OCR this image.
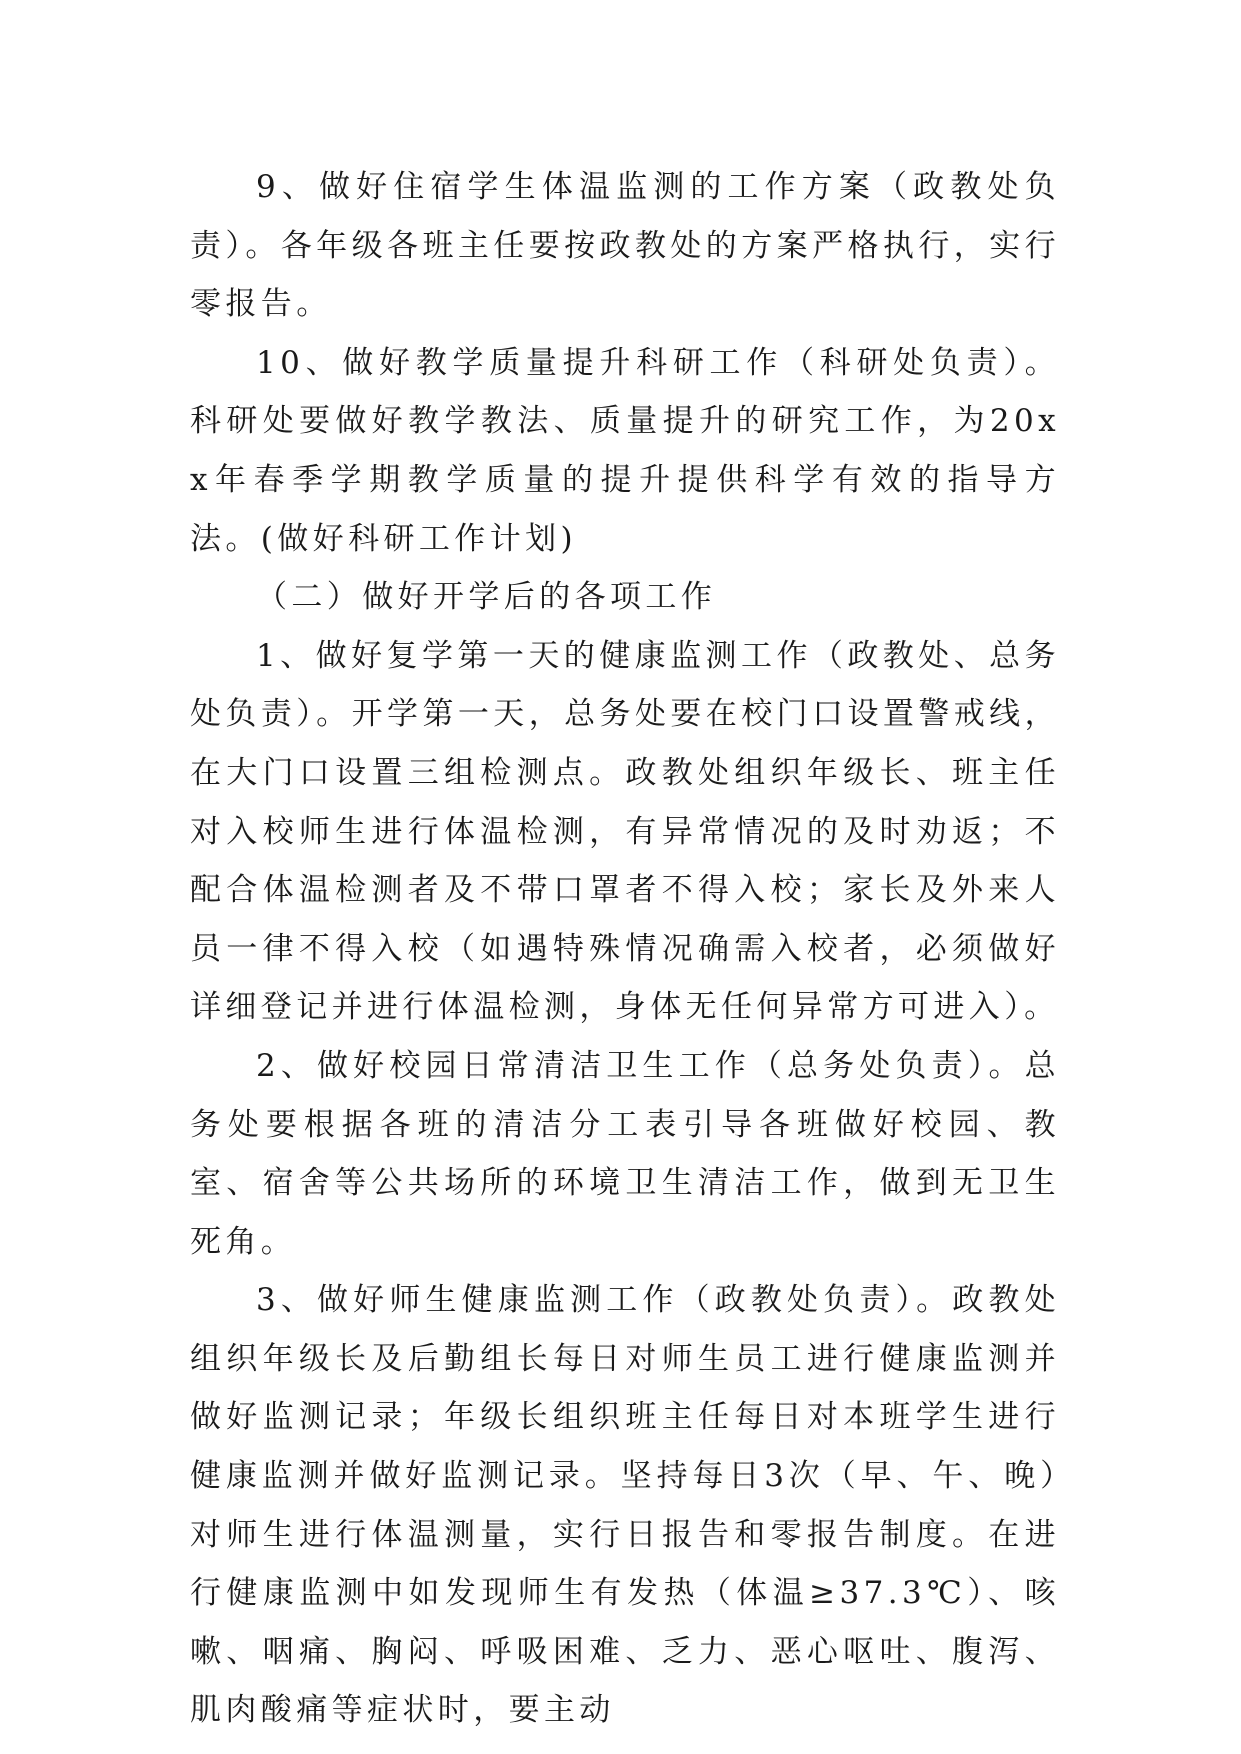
9、做好住宿学生体温监测的工作方案（政教处负责）。各年级各班主任要按政教处的方案严格执行，实行零报告。

10、做好教学质量提升科研工作（科研处负责）。科研处要做好教学教法、质量提升的研究工作，为20xx年春季学期教学质量的提升提供科学有效的指导方法。(做好科研工作计划)

（二）做好开学后的各项工作

1、做好复学第一天的健康监测工作（政教处、总务处负责）。开学第一天，总务处要在校门口设置警戒线，在大门口设置三组检测点。政教处组织年级长、班主任对入校师生进行体温检测，有异常情况的及时劝返；不配合体温检测者及不带口罩者不得入校；家长及外来人员一律不得入校（如遇特殊情况确需入校者，必须做好详细登记并进行体温检测，身体无任何异常方可进入）。

2、做好校园日常清洁卫生工作（总务处负责）。总务处要根据各班的清洁分工表引导各班做好校园、教室、宿舍等公共场所的环境卫生清洁工作，做到无卫生死角。

3、做好师生健康监测工作（政教处负责）。政教处组织年级长及后勤组长每日对师生员工进行健康监测并做好监测记录；年级长组织班主任每日对本班学生进行健康监测并做好监测记录。坚持每日3次（早、午、晚）对师生进行体温测量，实行日报告和零报告制度。在进行健康监测中如发现师生有发热（体温≥37.3℃）、咳嗽、咽痛、胸闷、呼吸困难、乏力、恶心呕吐、腹泻、肌肉酸痛等症状时，要主动
